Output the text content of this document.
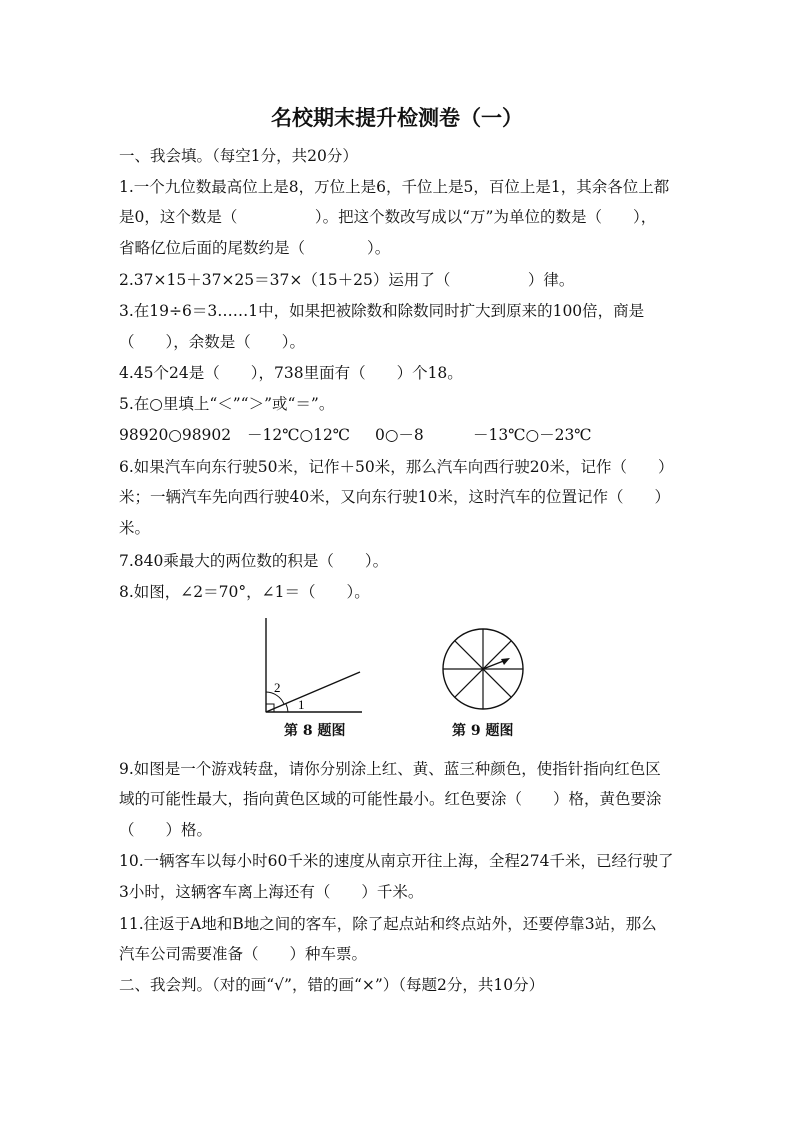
名校期末提升检测卷（一）
一、我会填。（每空1分，共20分）
1.一个九位数最高位上是8，万位上是6，千位上是5，百位上是1，其余各位上都
是0，这个数是（　　　　　）。把这个数改写成以“万”为单位的数是（　　），
省略亿位后面的尾数约是（　　　　）。
2.37×15＋37×25＝37×（15＋25）运用了（　　　　　）律。
3.在19÷6＝3……1中，如果把被除数和除数同时扩大到原来的100倍，商是
（　　），余数是（　　）。
4.45个24是（　　），738里面有（　　）个18。
5.在○里填上“＜”“＞”或“＝”。
98920○98902 －12℃○12℃ 0○－8	－13℃○－23℃
6.如果汽车向东行驶50米，记作＋50米，那么汽车向西行驶20米，记作（　　）
米；一辆汽车先向西行驶40米，又向东行驶10米，这时汽车的位置记作（　　）
米。
7.840乘最大的两位数的积是（　　）。
8.如图，∠2＝70°，∠1＝（　　）。
2
1
第 8 题图	第 9 题图
9.如图是一个游戏转盘，请你分别涂上红、黄、蓝三种颜色，使指针指向红色区
域的可能性最大，指向黄色区域的可能性最小。红色要涂（　　）格，黄色要涂
（　　）格。
10.一辆客车以每小时60千米的速度从南京开往上海，全程274千米，已经行驶了
3小时，这辆客车离上海还有（　　）千米。
11.往返于A地和B地之间的客车，除了起点站和终点站外，还要停靠3站，那么
汽车公司需要准备（　　）种车票。
二、我会判。（对的画“√”，错的画“×”）（每题2分，共10分）
